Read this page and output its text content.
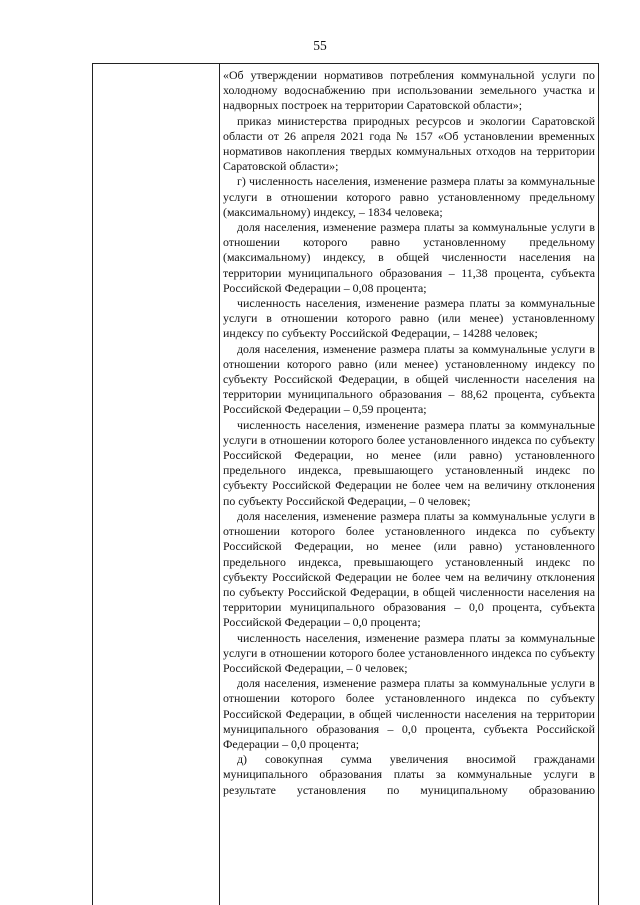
55

«Об утверждении нормативов потребления коммунальной услуги по холодному водоснабжению при использовании земельного участка и надворных построек на территории Саратовской области»;

приказ министерства природных ресурсов и экологии Саратовской области от 26 апреля 2021 года № 157 «Об установлении временных нормативов накопления твердых коммунальных отходов на территории Саратовской области»;

г) численность населения, изменение размера платы за коммунальные услуги в отношении которого равно установленному предельному (максимальному) индексу, – 1834 человека;

доля населения, изменение размера платы за коммунальные услуги в отношении которого равно установленному предельному (максимальному) индексу, в общей численности населения на территории муниципального образования – 11,38 процента, субъекта Российской Федерации – 0,08 процента;

численность населения, изменение размера платы за коммунальные услуги в отношении которого равно (или менее) установленному индексу по субъекту Российской Федерации, – 14288 человек;

доля населения, изменение размера платы за коммунальные услуги в отношении которого равно (или менее) установленному индексу по субъекту Российской Федерации, в общей численности населения на территории муниципального образования – 88,62 процента, субъекта Российской Федерации – 0,59 процента;

численность населения, изменение размера платы за коммунальные услуги в отношении которого более установленного индекса по субъекту Российской Федерации, но менее (или равно) установленного предельного индекса, превышающего установленный индекс по субъекту Российской Федерации не более чем на величину отклонения по субъекту Российской Федерации, – 0 человек;

доля населения, изменение размера платы за коммунальные услуги в отношении которого более установленного индекса по субъекту Российской Федерации, но менее (или равно) установленного предельного индекса, превышающего установленный индекс по субъекту Российской Федерации не более чем на величину отклонения по субъекту Российской Федерации, в общей численности населения на территории муниципального образования – 0,0 процента, субъекта Российской Федерации – 0,0 процента;

численность населения, изменение размера платы за коммунальные услуги в отношении которого более установленного индекса по субъекту Российской Федерации, – 0 человек;

доля населения, изменение размера платы за коммунальные услуги в отношении которого более установленного индекса по субъекту Российской Федерации, в общей численности населения на территории муниципального образования – 0,0 процента, субъекта Российской Федерации – 0,0 процента;

д) совокупная сумма увеличения вносимой гражданами муниципального образования платы за коммунальные услуги в результате установления по муниципальному образованию
